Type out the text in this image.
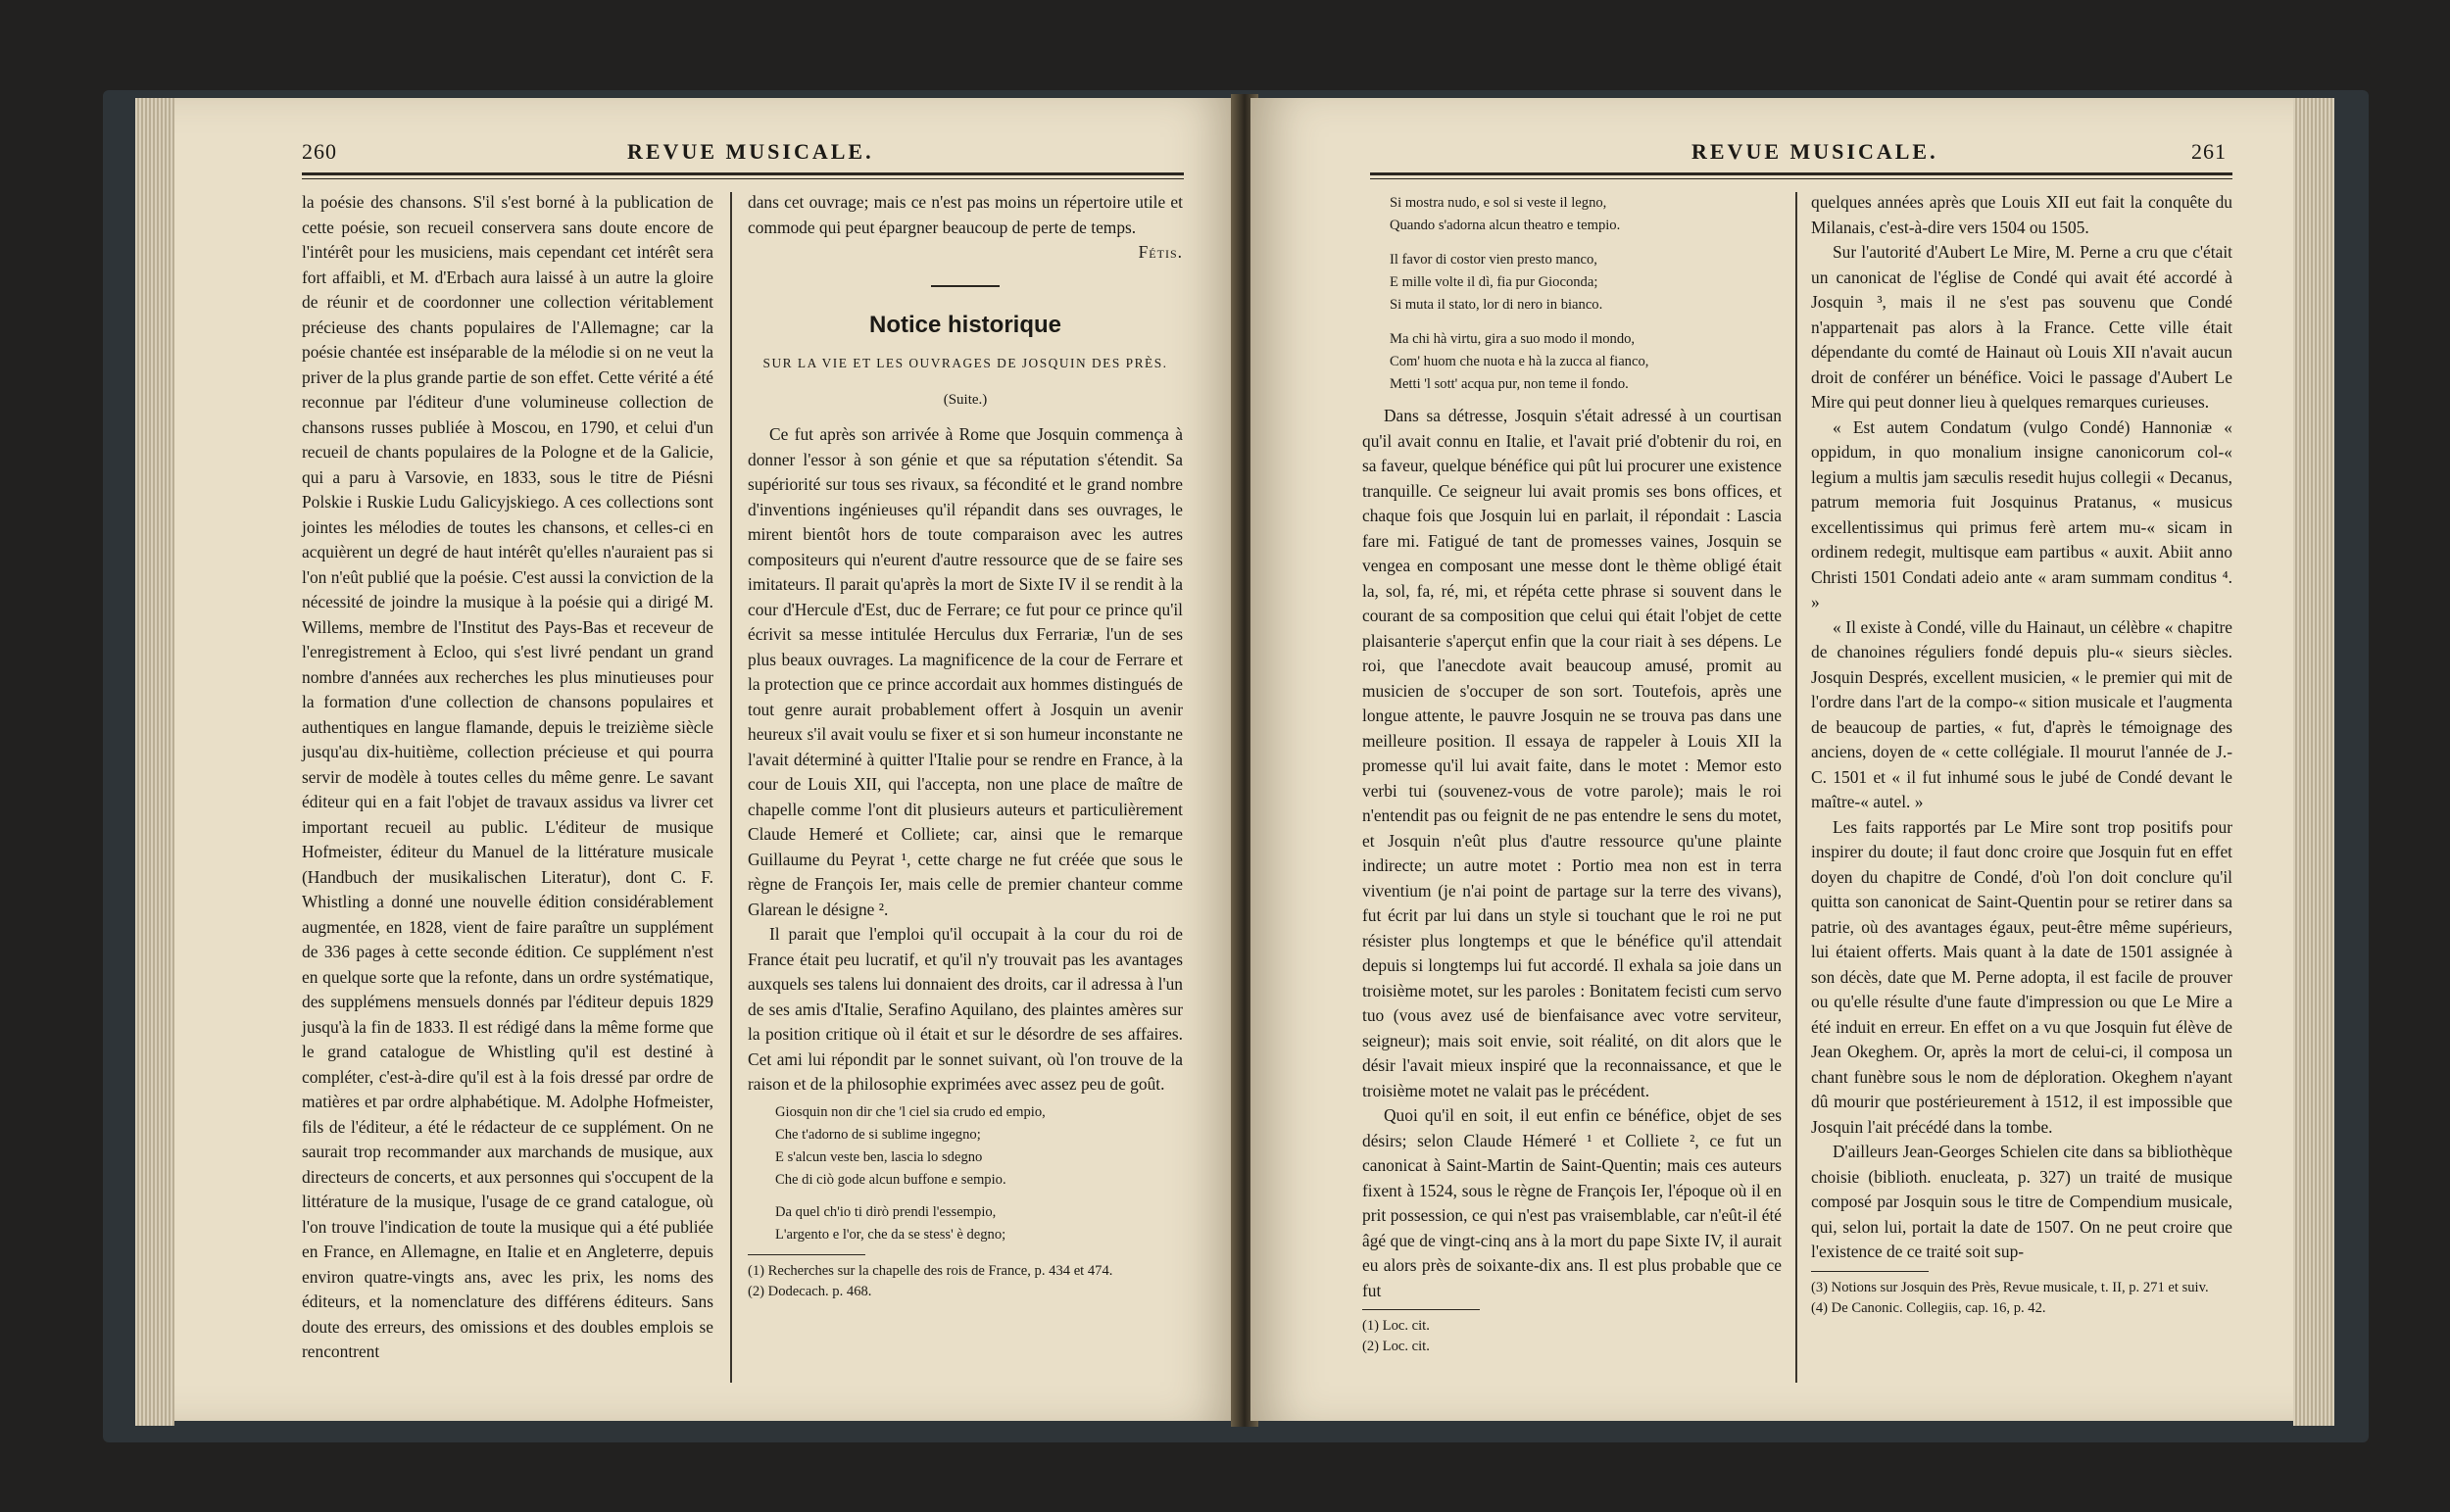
260	REVUE MUSICALE.

la poésie des chansons. S'il s'est borné à la publication de cette poésie, son recueil conservera sans doute encore de l'intérêt pour les musiciens, mais cependant cet intérêt sera fort affaibli, et M. d'Erbach aura laissé à un autre la gloire de réunir et de coordonner une collection véritablement précieuse des chants populaires de l'Allemagne; car la poésie chantée est inséparable de la mélodie si on ne veut la priver de la plus grande partie de son effet. Cette vérité a été reconnue par l'éditeur d'une volumineuse collection de chansons russes publiée à Moscou, en 1790, et celui d'un recueil de chants populaires de la Pologne et de la Galicie, qui a paru à Varsovie, en 1833, sous le titre de Piésni Polskie i Ruskie Ludu Galicyjskiego. A ces collections sont jointes les mélodies de toutes les chansons, et celles-ci en acquièrent un degré de haut intérêt qu'elles n'auraient pas si l'on n'eût publié que la poésie. C'est aussi la conviction de la nécessité de joindre la musique à la poésie qui a dirigé M. Willems, membre de l'Institut des Pays-Bas et receveur de l'enregistrement à Ecloo, qui s'est livré pendant un grand nombre d'années aux recherches les plus minutieuses pour la formation d'une collection de chansons populaires et authentiques en langue flamande, depuis le treizième siècle jusqu'au dix-huitième, collection précieuse et qui pourra servir de modèle à toutes celles du même genre. Le savant éditeur qui en a fait l'objet de travaux assidus va livrer cet important recueil au public. L'éditeur de musique Hofmeister, éditeur du Manuel de la littérature musicale (Handbuch der musikalischen Literatur), dont C. F. Whistling a donné une nouvelle édition considérablement augmentée, en 1828, vient de faire paraître un supplément de 336 pages à cette seconde édition. Ce supplément n'est en quelque sorte que la refonte, dans un ordre systématique, des supplémens mensuels donnés par l'éditeur depuis 1829 jusqu'à la fin de 1833. Il est rédigé dans la même forme que le grand catalogue de Whistling qu'il est destiné à compléter, c'est-à-dire qu'il est à la fois dressé par ordre de matières et par ordre alphabétique. M. Adolphe Hofmeister, fils de l'éditeur, a été le rédacteur de ce supplément. On ne saurait trop recommander aux marchands de musique, aux directeurs de concerts, et aux personnes qui s'occupent de la littérature de la musique, l'usage de ce grand catalogue, où l'on trouve l'indication de toute la musique qui a été publiée en France, en Allemagne, en Italie et en Angleterre, depuis environ quatre-vingts ans, avec les prix, les noms des éditeurs, et la nomenclature des différens éditeurs. Sans doute des erreurs, des omissions et des doubles emplois se rencontrent

dans cet ouvrage; mais ce n'est pas moins un répertoire utile et commode qui peut épargner beaucoup de perte de temps.

Fétis.
Notice historique
SUR LA VIE ET LES OUVRAGES DE JOSQUIN DES PRÈS.
(Suite.)

Ce fut après son arrivée à Rome que Josquin commença à donner l'essor à son génie et que sa réputation s'étendit. Sa supériorité sur tous ses rivaux, sa fécondité et le grand nombre d'inventions ingénieuses qu'il répandit dans ses ouvrages, le mirent bientôt hors de toute comparaison avec les autres compositeurs qui n'eurent d'autre ressource que de se faire ses imitateurs. Il parait qu'après la mort de Sixte IV il se rendit à la cour d'Hercule d'Est, duc de Ferrare; ce fut pour ce prince qu'il écrivit sa messe intitulée Herculus dux Ferrariæ, l'un de ses plus beaux ouvrages. La magnificence de la cour de Ferrare et la protection que ce prince accordait aux hommes distingués de tout genre aurait probablement offert à Josquin un avenir heureux s'il avait voulu se fixer et si son humeur inconstante ne l'avait déterminé à quitter l'Italie pour se rendre en France, à la cour de Louis XII, qui l'accepta, non une place de maître de chapelle comme l'ont dit plusieurs auteurs et particulièrement Claude Hemeré et Colliete; car, ainsi que le remarque Guillaume du Peyrat ¹, cette charge ne fut créée que sous le règne de François Ier, mais celle de premier chanteur comme Glarean le désigne ².

Il parait que l'emploi qu'il occupait à la cour du roi de France était peu lucratif, et qu'il n'y trouvait pas les avantages auxquels ses talens lui donnaient des droits, car il adressa à l'un de ses amis d'Italie, Serafino Aquilano, des plaintes amères sur la position critique où il était et sur le désordre de ses affaires. Cet ami lui répondit par le sonnet suivant, où l'on trouve de la raison et de la philosophie exprimées avec assez peu de goût.

Giosquin non dir che 'l ciel sia crudo ed empio,
Che t'adorno de si sublime ingegno;
E s'alcun veste ben, lascia lo sdegno
Che di ciò gode alcun buffone e sempio.
Da quel ch'io ti dirò prendi l'essempio,
L'argento e l'or, che da se stess' è degno;
(1) Recherches sur la chapelle des rois de France, p. 434 et 474.
(2) Dodecach. p. 468.
REVUE MUSICALE.	261
Si mostra nudo, e sol si veste il legno,
Quando s'adorna alcun theatro e tempio.
Il favor di costor vien presto manco,
E mille volte il dì, fia pur Gioconda;
Si muta il stato, lor di nero in bianco.
Ma chi hà virtu, gira a suo modo il mondo,
Com' huom che nuota e hà la zucca al fianco,
Metti 'l sott' acqua pur, non teme il fondo.

Dans sa détresse, Josquin s'était adressé à un courtisan qu'il avait connu en Italie, et l'avait prié d'obtenir du roi, en sa faveur, quelque bénéfice qui pût lui procurer une existence tranquille. Ce seigneur lui avait promis ses bons offices, et chaque fois que Josquin lui en parlait, il répondait : Lascia fare mi. Fatigué de tant de promesses vaines, Josquin se vengea en composant une messe dont le thème obligé était la, sol, fa, ré, mi, et répéta cette phrase si souvent dans le courant de sa composition que celui qui était l'objet de cette plaisanterie s'aperçut enfin que la cour riait à ses dépens. Le roi, que l'anecdote avait beaucoup amusé, promit au musicien de s'occuper de son sort. Toutefois, après une longue attente, le pauvre Josquin ne se trouva pas dans une meilleure position. Il essaya de rappeler à Louis XII la promesse qu'il lui avait faite, dans le motet : Memor esto verbi tui (souvenez-vous de votre parole); mais le roi n'entendit pas ou feignit de ne pas entendre le sens du motet, et Josquin n'eût plus d'autre ressource qu'une plainte indirecte; un autre motet : Portio mea non est in terra viventium (je n'ai point de partage sur la terre des vivans), fut écrit par lui dans un style si touchant que le roi ne put résister plus longtemps et que le bénéfice qu'il attendait depuis si longtemps lui fut accordé. Il exhala sa joie dans un troisième motet, sur les paroles : Bonitatem fecisti cum servo tuo (vous avez usé de bienfaisance avec votre serviteur, seigneur); mais soit envie, soit réalité, on dit alors que le désir l'avait mieux inspiré que la reconnaissance, et que le troisième motet ne valait pas le précédent.

Quoi qu'il en soit, il eut enfin ce bénéfice, objet de ses désirs; selon Claude Hémeré ¹ et Colliete ², ce fut un canonicat à Saint-Martin de Saint-Quentin; mais ces auteurs fixent à 1524, sous le règne de François Ier, l'époque où il en prit possession, ce qui n'est pas vraisemblable, car n'eût-il été âgé que de vingt-cinq ans à la mort du pape Sixte IV, il aurait eu alors près de soixante-dix ans. Il est plus probable que ce fut

(1) Loc. cit.
(2) Loc. cit.

quelques années après que Louis XII eut fait la conquête du Milanais, c'est-à-dire vers 1504 ou 1505.

Sur l'autorité d'Aubert Le Mire, M. Perne a cru que c'était un canonicat de l'église de Condé qui avait été accordé à Josquin ³, mais il ne s'est pas souvenu que Condé n'appartenait pas alors à la France. Cette ville était dépendante du comté de Hainaut où Louis XII n'avait aucun droit de conférer un bénéfice. Voici le passage d'Aubert Le Mire qui peut donner lieu à quelques remarques curieuses.

« Est autem Condatum (vulgo Condé) Hannoniæ « oppidum, in quo monalium insigne canonicorum col-« legium a multis jam sæculis resedit hujus collegii « Decanus, patrum memoria fuit Josquinus Pratanus, « musicus excellentissimus qui primus ferè artem mu-« sicam in ordinem redegit, multisque eam partibus « auxit. Abiit anno Christi 1501 Condati adeio ante « aram summam conditus ⁴. »

« Il existe à Condé, ville du Hainaut, un célèbre « chapitre de chanoines réguliers fondé depuis plu-« sieurs siècles. Josquin Després, excellent musicien, « le premier qui mit de l'ordre dans l'art de la compo-« sition musicale et l'augmenta de beaucoup de parties, « fut, d'après le témoignage des anciens, doyen de « cette collégiale. Il mourut l'année de J.-C. 1501 et « il fut inhumé sous le jubé de Condé devant le maître-« autel. »

Les faits rapportés par Le Mire sont trop positifs pour inspirer du doute; il faut donc croire que Josquin fut en effet doyen du chapitre de Condé, d'où l'on doit conclure qu'il quitta son canonicat de Saint-Quentin pour se retirer dans sa patrie, où des avantages égaux, peut-être même supérieurs, lui étaient offerts. Mais quant à la date de 1501 assignée à son décès, date que M. Perne adopta, il est facile de prouver ou qu'elle résulte d'une faute d'impression ou que Le Mire a été induit en erreur. En effet on a vu que Josquin fut élève de Jean Okeghem. Or, après la mort de celui-ci, il composa un chant funèbre sous le nom de déploration. Okeghem n'ayant dû mourir que postérieurement à 1512, il est impossible que Josquin l'ait précédé dans la tombe.

D'ailleurs Jean-Georges Schielen cite dans sa bibliothèque choisie (biblioth. enucleata, p. 327) un traité de musique composé par Josquin sous le titre de Compendium musicale, qui, selon lui, portait la date de 1507. On ne peut croire que l'existence de ce traité soit sup-

(3) Notions sur Josquin des Près, Revue musicale, t. II, p. 271 et suiv.
(4) De Canonic. Collegiis, cap. 16, p. 42.
